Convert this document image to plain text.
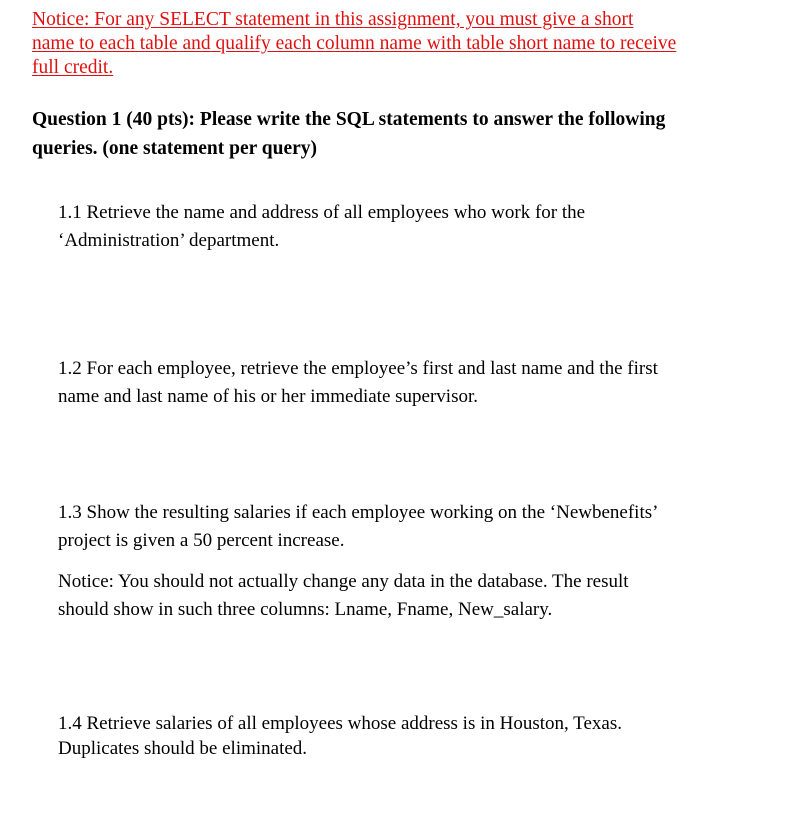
Notice: For any SELECT statement in this assignment, you must give a short
name to each table and qualify each column name with table short name to receive
full credit.
Question 1 (40 pts): Please write the SQL statements to answer the following
queries. (one statement per query)

1.1 Retrieve the name and address of all employees who work for the

‘Administration’ department.

1.2 For each employee, retrieve the employee’s first and last name and the first

name and last name of his or her immediate supervisor.

1.3 Show the resulting salaries if each employee working on the ‘Newbenefits’

project is given a 50 percent increase.

Notice: You should not actually change any data in the database. The result

should show in such three columns: Lname, Fname, New_salary.

1.4 Retrieve salaries of all employees whose address is in Houston, Texas.

Duplicates should be eliminated.
